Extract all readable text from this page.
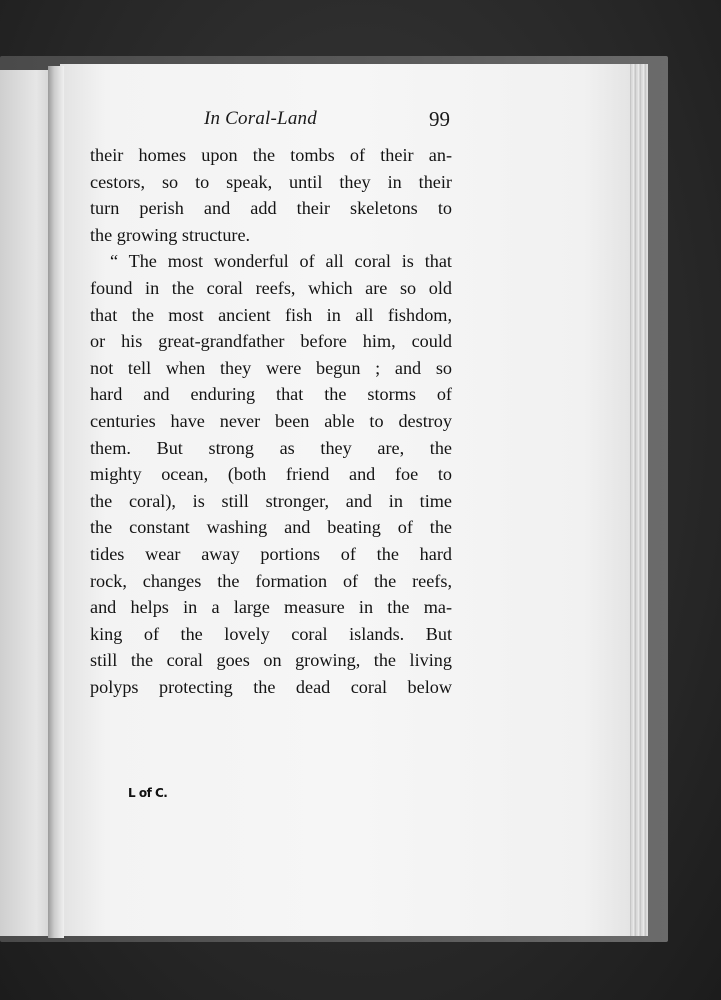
In Coral-Land	99
their homes upon the tombs of their an-
cestors, so to speak, until they in their
turn perish and add their skeletons to
the growing structure.
“ The most wonderful of all coral is that
found in the coral reefs, which are so old
that the most ancient fish in all fishdom,
or his great-grandfather before him, could
not tell when they were begun ; and so
hard and enduring that the storms of
centuries have never been able to destroy
them. But strong as they are, the
mighty ocean, (both friend and foe to
the coral), is still stronger, and in time
the constant washing and beating of the
tides wear away portions of the hard
rock, changes the formation of the reefs,
and helps in a large measure in the ma-
king of the lovely coral islands. But
still the coral goes on growing, the living
polyps protecting the dead coral below
L of C.
